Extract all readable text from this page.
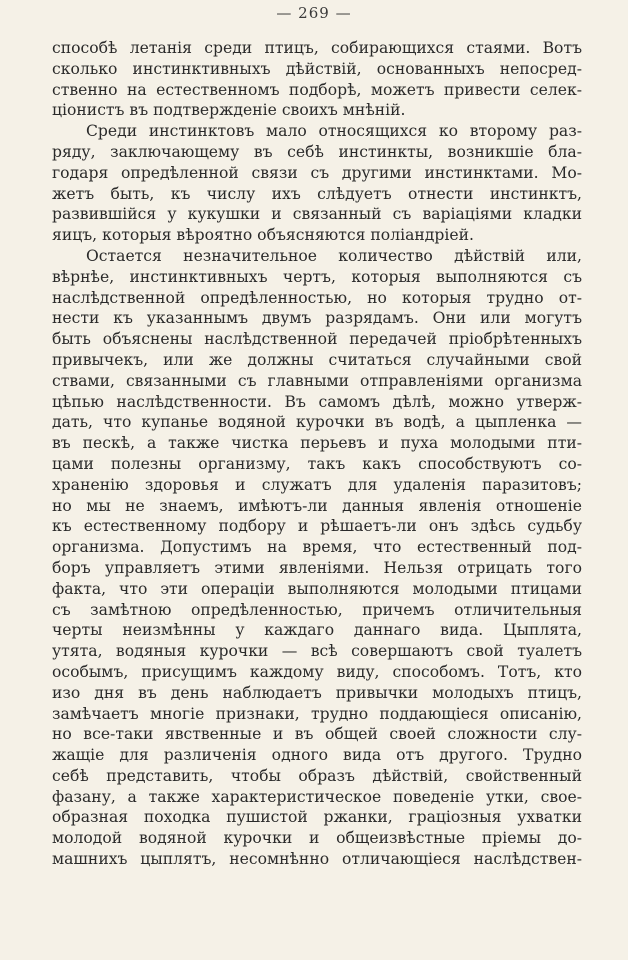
— 269 —
способѣ летанія среди птицъ, собирающихся стаями. Вотъ
сколько инстинктивныхъ дѣйствій, основанныхъ непосред-
ственно на естественномъ подборѣ, можетъ привести селек-
ціонистъ въ подтвержденіе своихъ мнѣній.
Среди инстинктовъ мало относящихся ко второму раз-
ряду, заключающему въ себѣ инстинкты, возникшіе бла-
годаря опредѣленной связи съ другими инстинктами. Мо-
жетъ быть, къ числу ихъ слѣдуетъ отнести инстинктъ,
развившійся у кукушки и связанный съ варіаціями кладки
яицъ, которыя вѣроятно объясняются поліандріей.
Остается незначительное количество дѣйствій или,
вѣрнѣе, инстинктивныхъ чертъ, которыя выполняются съ
наслѣдственной опредѣленностью, но которыя трудно от-
нести къ указаннымъ двумъ разрядамъ. Они или могутъ
быть объяснены наслѣдственной передачей пріобрѣтенныхъ
привычекъ, или же должны считаться случайными свой
ствами, связанными съ главными отправленіями организма
цѣпью наслѣдственности. Въ самомъ дѣлѣ, можно утверж-
дать, что купанье водяной курочки въ водѣ, а цыпленка —
въ пескѣ, а также чистка перьевъ и пуха молодыми пти-
цами полезны организму, такъ какъ способствуютъ со-
храненію здоровья и служатъ для удаленія паразитовъ;
но мы не знаемъ, имѣютъ-ли данныя явленія отношеніе
къ естественному подбору и рѣшаетъ-ли онъ здѣсь судьбу
организма. Допустимъ на время, что естественный под-
боръ управляетъ этими явленіями. Нельзя отрицать того
факта, что эти операціи выполняются молодыми птицами
съ замѣтною опредѣленностью, причемъ отличительныя
черты неизмѣнны у каждаго даннаго вида. Цыплята,
утята, водяныя курочки — всѣ совершаютъ свой туалетъ
особымъ, присущимъ каждому виду, способомъ. Тотъ, кто
изо дня въ день наблюдаетъ привычки молодыхъ птицъ,
замѣчаетъ многіе признаки, трудно поддающіеся описанію,
но все-таки явственные и въ общей своей сложности слу-
жащіе для различенія одного вида отъ другого. Трудно
себѣ представить, чтобы образъ дѣйствій, свойственный
фазану, а также характеристическое поведеніе утки, свое-
образная походка пушистой ржанки, граціозныя ухватки
молодой водяной курочки и общеизвѣстные пріемы до-
машнихъ цыплятъ, несомнѣнно отличающіеся наслѣдствен-
